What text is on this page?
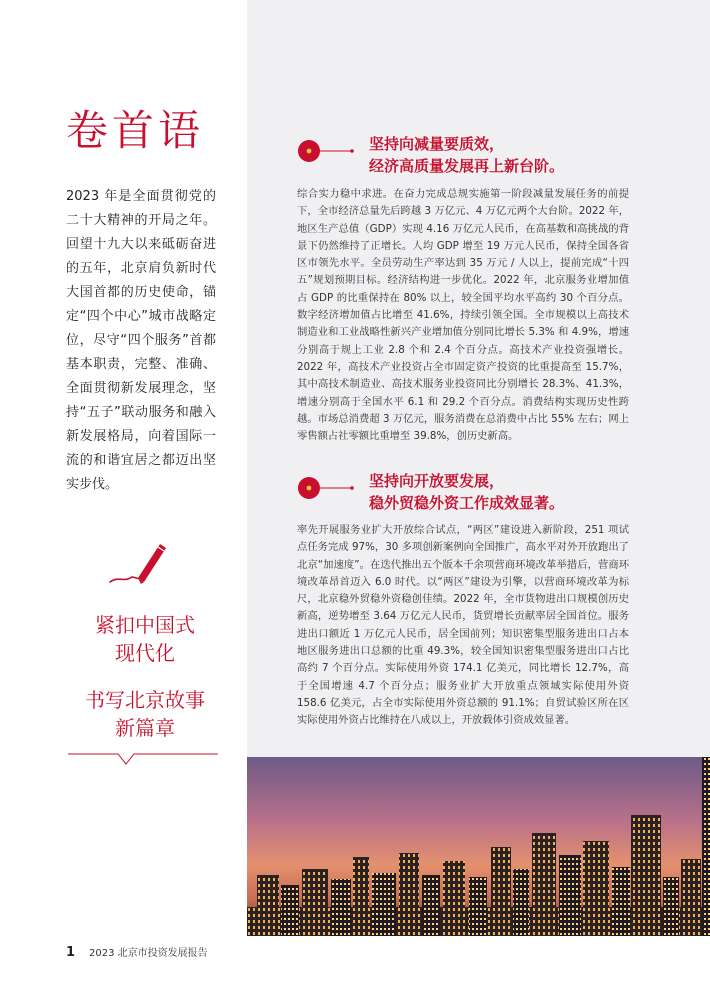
卷首语

2023 年是全面贯彻党的二十大精神的开局之年。回望十九大以来砥砺奋进的五年，北京肩负新时代大国首都的历史使命，锚定“四个中心”城市战略定位，尽守“四个服务”首都基本职责，完整、准确、全面贯彻新发展理念，坚持“五子”联动服务和融入新发展格局，向着国际一流的和谐宜居之都迈出坚实步伐。

紧扣中国式
现代化
书写北京故事
新篇章
坚持向减量要质效，
经济高质量发展再上新台阶。

综合实力稳中求进。在奋力完成总规实施第一阶段减量发展任务的前提下，全市经济总量先后跨越 3 万亿元、4 万亿元两个大台阶。2022 年，地区生产总值（GDP）实现 4.16 万亿元人民币，在高基数和高挑战的背景下仍然维持了正增长。人均 GDP 增至 19 万元人民币，保持全国各省区市领先水平。全员劳动生产率达到 35 万元 / 人以上，提前完成“十四五”规划预期目标。经济结构进一步优化。2022 年，北京服务业增加值占 GDP 的比重保持在 80% 以上，较全国平均水平高约 30 个百分点。数字经济增加值占比增至 41.6%，持续引领全国。全市规模以上高技术制造业和工业战略性新兴产业增加值分别同比增长 5.3% 和 4.9%，增速分别高于规上工业 2.8 个和 2.4 个百分点。高技术产业投资强增长。2022 年，高技术产业投资占全市固定资产投资的比重提高至 15.7%，其中高技术制造业、高技术服务业投资同比分别增长 28.3%、41.3%，增速分别高于全国水平 6.1 和 29.2 个百分点。消费结构实现历史性跨越。市场总消费超 3 万亿元，服务消费在总消费中占比 55% 左右；网上零售额占社零额比重增至 39.8%，创历史新高。

坚持向开放要发展，
稳外贸稳外资工作成效显著。

率先开展服务业扩大开放综合试点，“两区”建设进入新阶段，251 项试点任务完成 97%，30 多项创新案例向全国推广，高水平对外开放跑出了北京“加速度”。在迭代推出五个版本千余项营商环境改革举措后，营商环境改革昂首迈入 6.0 时代。以“两区”建设为引擎，以营商环境改革为标尺，北京稳外贸稳外资稳创佳绩。2022 年，全市货物进出口规模创历史新高，逆势增至 3.64 万亿元人民币，货贸增长贡献率居全国首位。服务进出口额近 1 万亿元人民币，居全国前列；知识密集型服务进出口占本地区服务进出口总额的比重 49.3%，较全国知识密集型服务进出口占比高约 7 个百分点。实际使用外资 174.1 亿美元，同比增长 12.7%，高于全国增速 4.7 个百分点；服务业扩大开放重点领域实际使用外资 158.6 亿美元，占全市实际使用外资总额的 91.1%；自贸试验区所在区实际使用外资占比维持在八成以上，开放载体引资成效显著。

1 2023 北京市投资发展报告
